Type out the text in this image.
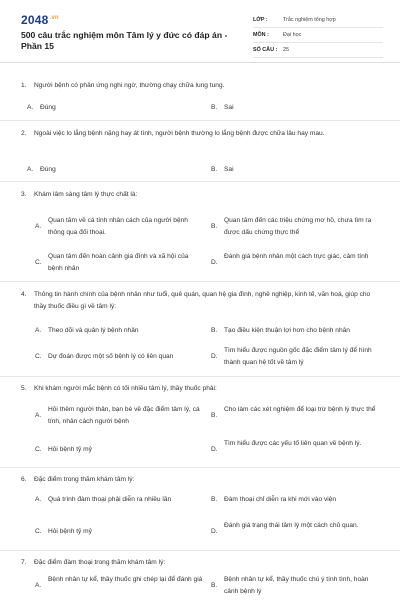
$2048^{.vn}$
500 câu trắc nghiệm môn Tâm lý y đức có đáp án - Phần 15
LỚP :	Trắc nghiệm tổng hợp
MÔN :	Đại học
SỐ CÂU :	25
1. Người bệnh có phản ứng nghi ngờ, thường chạy chữa lung tung.
A. Đúng	B. Sai
2. Ngoài việc lo lắng bệnh nặng hay át tình, người bệnh thường lo lắng bệnh được chữa lâu hay mau.
A. Đúng	B. Sai
3. Khám lâm sàng tâm lý thực chất là:
A.
Quan tâm về cá tính nhân cách của người bệnh thông qua đối thoại.
B.
Quan tâm đến các triệu chứng mơ hồ, chưa tìm ra được dấu chứng thực thể
C.
Quan tâm đến hoàn cảnh gia đình và xã hội của bệnh nhân
D.
Đánh giá bệnh nhân một cách trực giác, cảm tính
4. Thông tin hành chính của bệnh nhân như tuổi, quê quán, quan hệ gia đình, nghề nghiệp, kinh tế, văn hoá, giúp cho thầy thuốc điều gì về tâm lý:
A. Theo dõi và quản lý bệnh nhân	B. Tạo điều kiện thuận lợi hơn cho bệnh nhân
C. Dự đoán được một số bệnh lý có liên quan	D.
Tìm hiểu được nguồn gốc đặc điểm tâm lý để hình thành quan hệ tốt về tâm lý
5. Khi khám người mắc bệnh có tối nhiều tâm lý, thầy thuốc phải:
A.
Hỏi thêm người thân, bạn bè về đặc điểm tâm lý, cá tính, nhân cách người bệnh
B.
Cho làm các xét nghiệm để loại trừ bệnh lý thực thể
C. Hỏi bệnh tỷ mỷ	D.
Tìm hiểu được các yếu tố liên quan về bệnh lý.
6. Đặc điểm trong thăm khám tâm lý:
A. Quá trình đàm thoại phải diễn ra nhiều lần	B. Đàm thoại chỉ diễn ra khi mới vào viện
C. Hỏi bệnh tỷ mỷ	D.
Đánh giá trạng thái tâm lý một cách chủ quan.
7. Đặc điểm đàm thoại trong thăm khám tâm lý:
A.
Bệnh nhân tự kể, thầy thuốc ghi chép lại để đánh giá
B.
Bệnh nhân tự kể, thầy thuốc chú ý tính tình, hoàn cảnh bệnh lý
